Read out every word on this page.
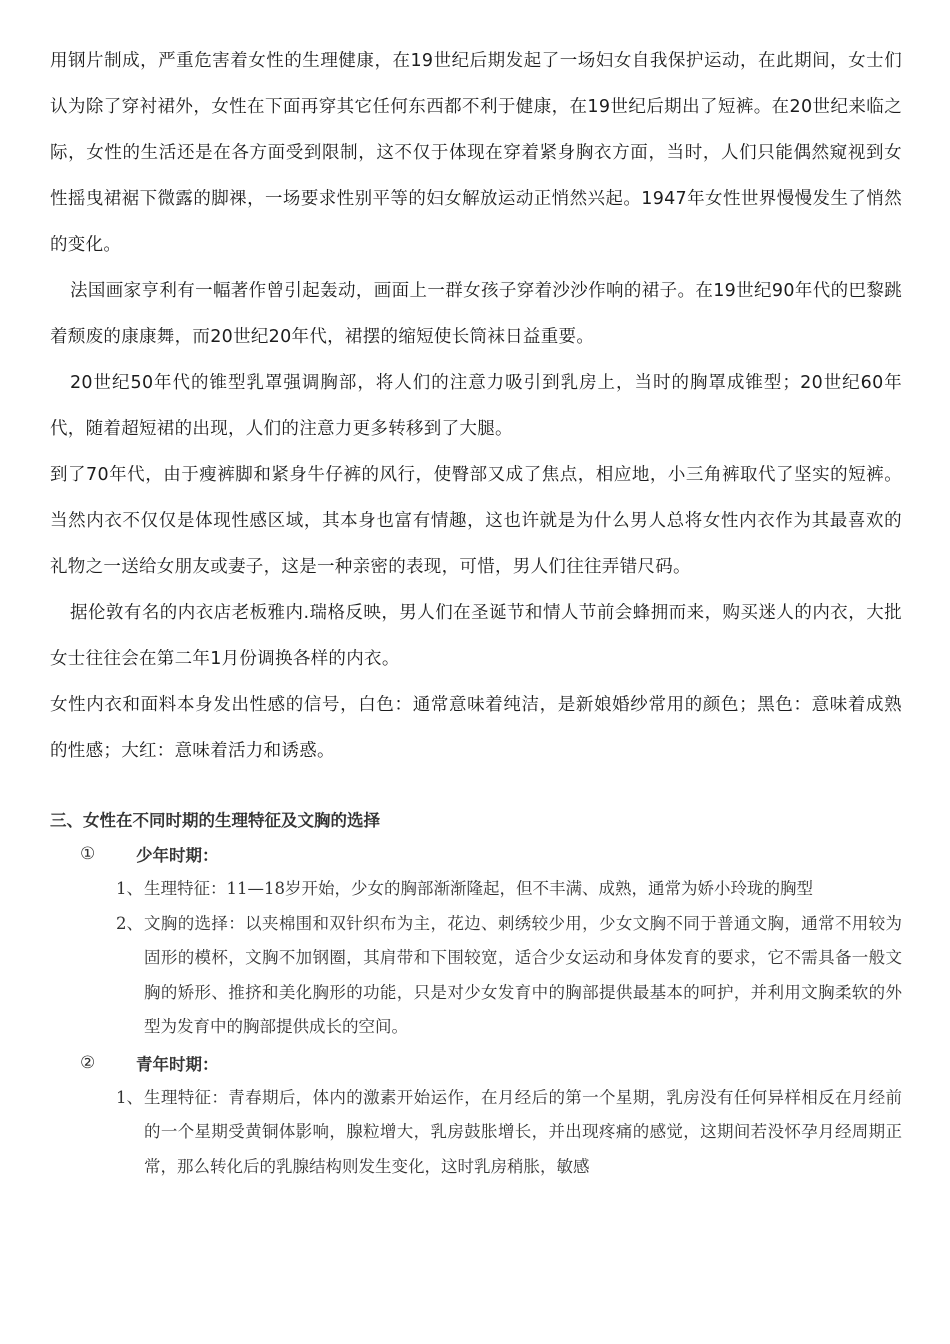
用钢片制成，严重危害着女性的生理健康，在19世纪后期发起了一场妇女自我保护运动，在此期间，女士们认为除了穿衬裙外，女性在下面再穿其它任何东西都不利于健康，在19世纪后期出了短裤。在20世纪来临之际，女性的生活还是在各方面受到限制，这不仅于体现在穿着紧身胸衣方面，当时，人们只能偶然窥视到女性摇曳裙裾下微露的脚祼，一场要求性别平等的妇女解放运动正悄然兴起。1947年女性世界慢慢发生了悄然的变化。

法国画家亨利有一幅著作曾引起轰动，画面上一群女孩子穿着沙沙作响的裙子。在19世纪90年代的巴黎跳着颓废的康康舞，而20世纪20年代，裙摆的缩短使长筒袜日益重要。

20世纪50年代的锥型乳罩强调胸部，将人们的注意力吸引到乳房上，当时的胸罩成锥型；20世纪60年代，随着超短裙的出现，人们的注意力更多转移到了大腿。

到了70年代，由于瘦裤脚和紧身牛仔裤的风行，使臀部又成了焦点，相应地，小三角裤取代了坚实的短裤。当然内衣不仅仅是体现性感区域，其本身也富有情趣，这也许就是为什么男人总将女性内衣作为其最喜欢的礼物之一送给女朋友或妻子，这是一种亲密的表现，可惜，男人们往往弄错尺码。

据伦敦有名的内衣店老板雅内.瑞格反映，男人们在圣诞节和情人节前会蜂拥而来，购买迷人的内衣，大批女士往往会在第二年1月份调换各样的内衣。

女性内衣和面料本身发出性感的信号，白色：通常意味着纯洁，是新娘婚纱常用的颜色；黑色：意味着成熟的性感；大红：意味着活力和诱惑。

三、女性在不同时期的生理特征及文胸的选择

①	少年时期：
1、 生理特征：11—18岁开始，少女的胸部渐渐隆起，但不丰满、成熟，通常为娇小玲珑的胸型
2、 文胸的选择：以夹棉围和双针织布为主，花边、刺绣较少用，少女文胸不同于普通文胸，通常不用较为固形的模杯，文胸不加钢圈，其肩带和下围较宽，适合少女运动和身体发育的要求，它不需具备一般文胸的矫形、推挤和美化胸形的功能，只是对少女发育中的胸部提供最基本的呵护，并利用文胸柔软的外型为发育中的胸部提供成长的空间。
②	青年时期：
1、 生理特征：青春期后，体内的激素开始运作，在月经后的第一个星期，乳房没有任何异样相反在月经前的一个星期受黄铜体影响，腺粒增大，乳房鼓胀增长，并出现疼痛的感觉，这期间若没怀孕月经周期正常，那么转化后的乳腺结构则发生变化，这时乳房稍胀，敏感
